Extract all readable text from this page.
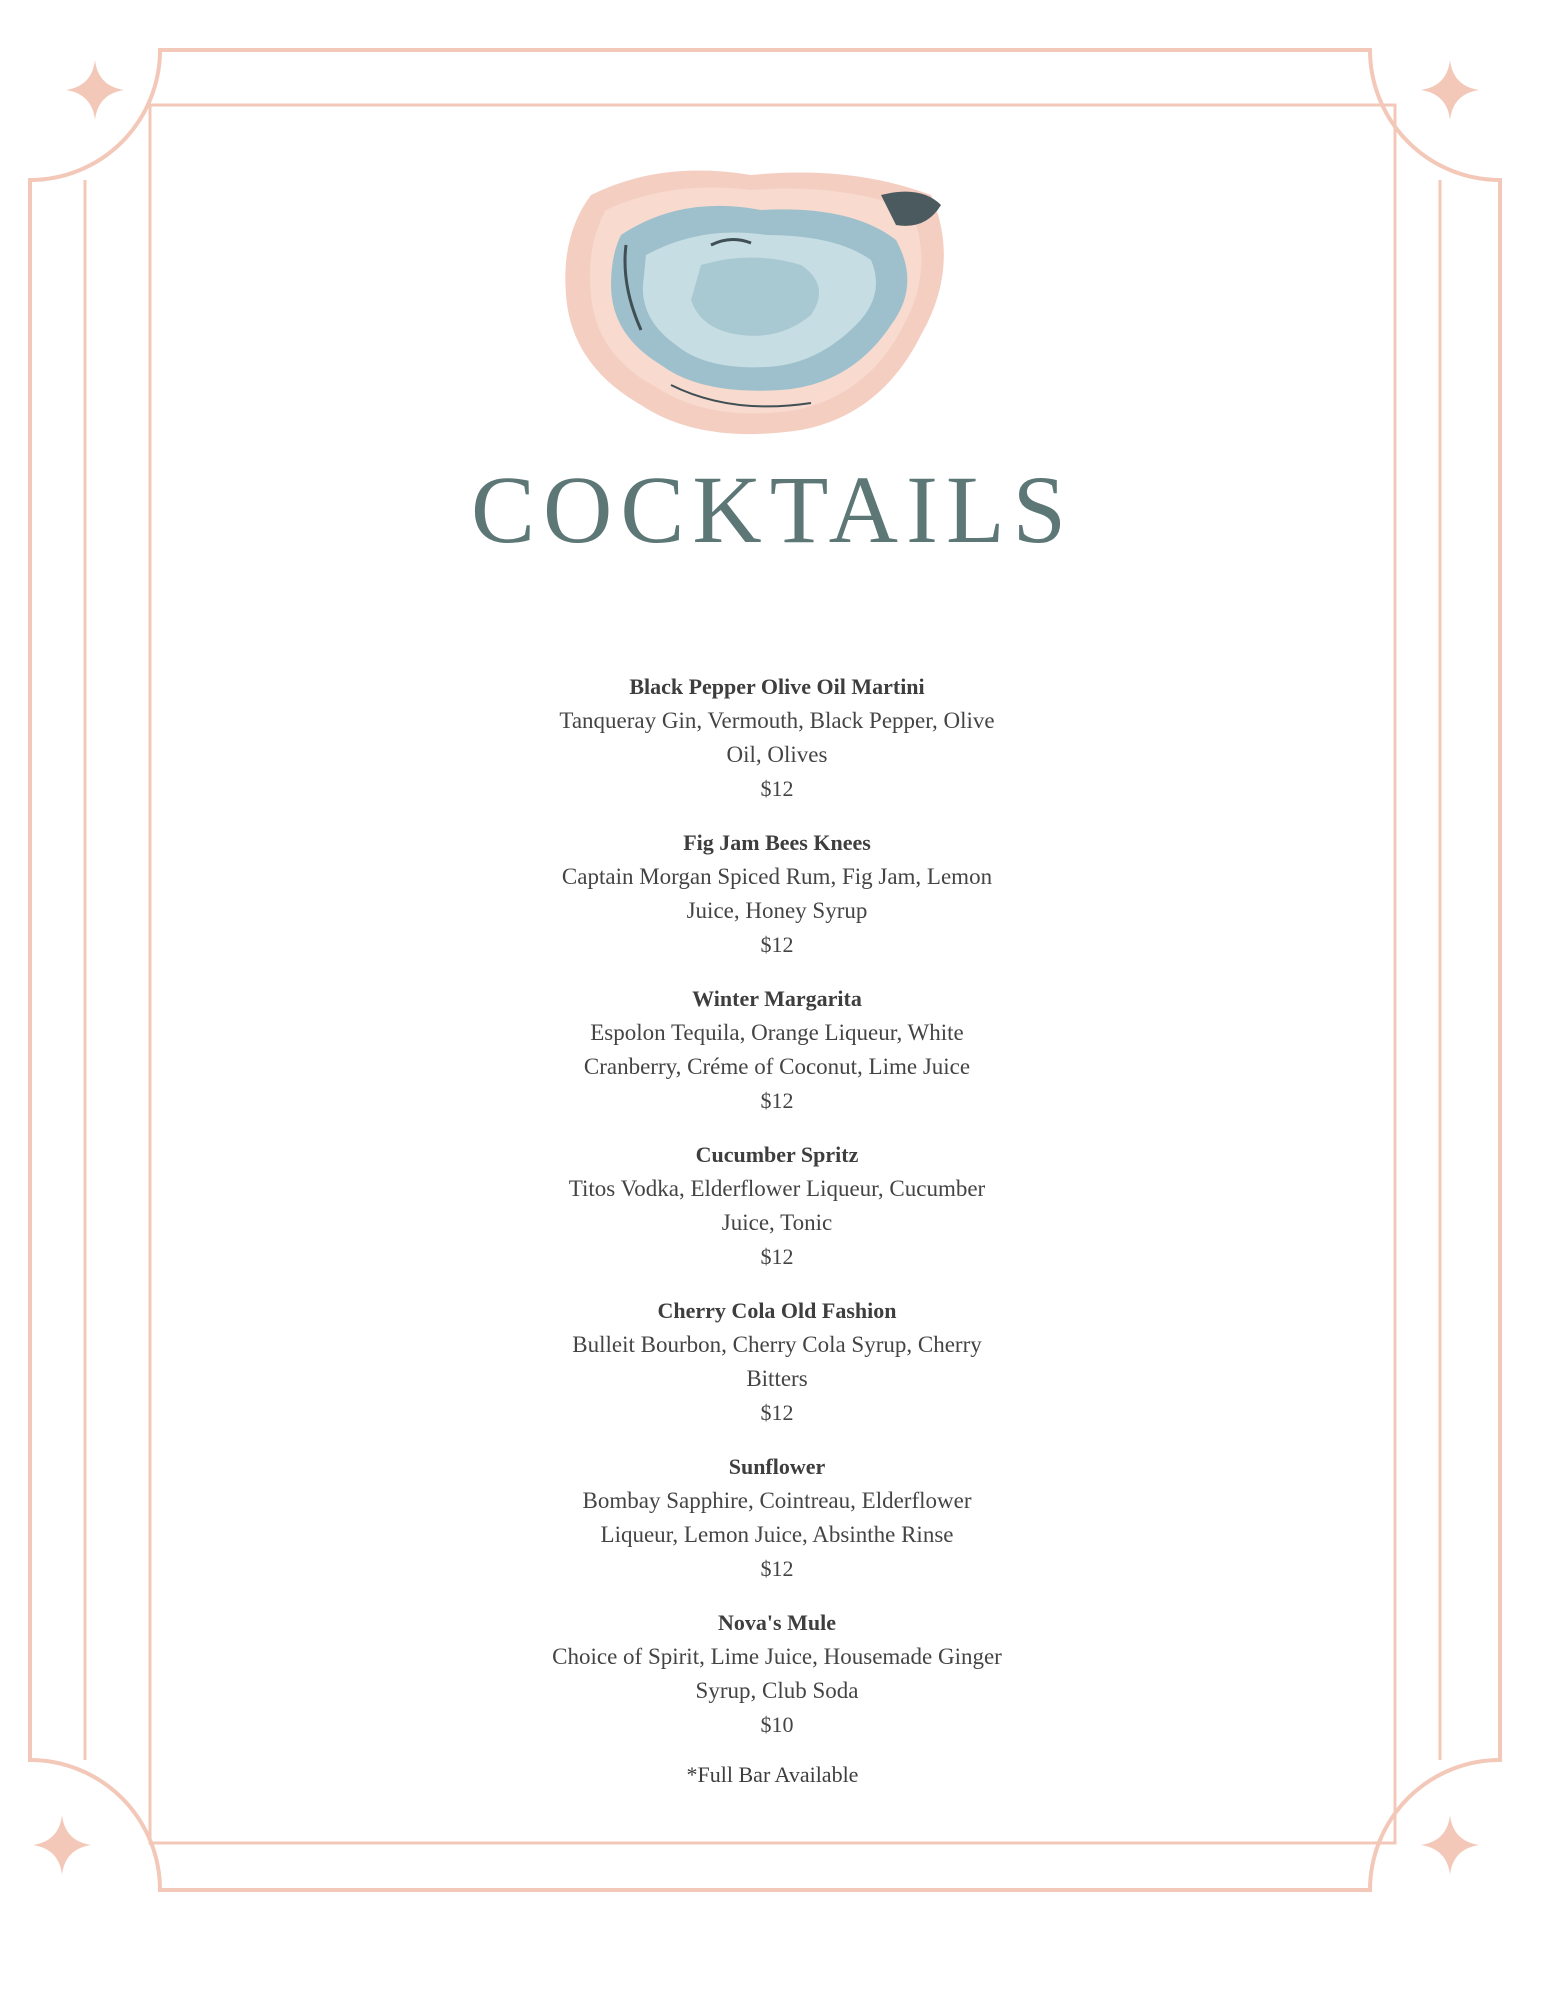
COCKTAILS
Black Pepper Olive Oil Martini
Tanqueray Gin, Vermouth, Black Pepper, Olive
Oil, Olives
$12
Fig Jam Bees Knees
Captain Morgan Spiced Rum, Fig Jam, Lemon
Juice, Honey Syrup
$12
Winter Margarita
Espolon Tequila, Orange Liqueur, White
Cranberry, Créme of Coconut, Lime Juice
$12
Cucumber Spritz
Titos Vodka, Elderflower Liqueur, Cucumber
Juice, Tonic
$12
Cherry Cola Old Fashion
Bulleit Bourbon, Cherry Cola Syrup, Cherry
Bitters
$12
Sunflower
Bombay Sapphire, Cointreau, Elderflower
Liqueur, Lemon Juice, Absinthe Rinse
$12
Nova's Mule
Choice of Spirit, Lime Juice, Housemade Ginger
Syrup, Club Soda
$10
*Full Bar Available
